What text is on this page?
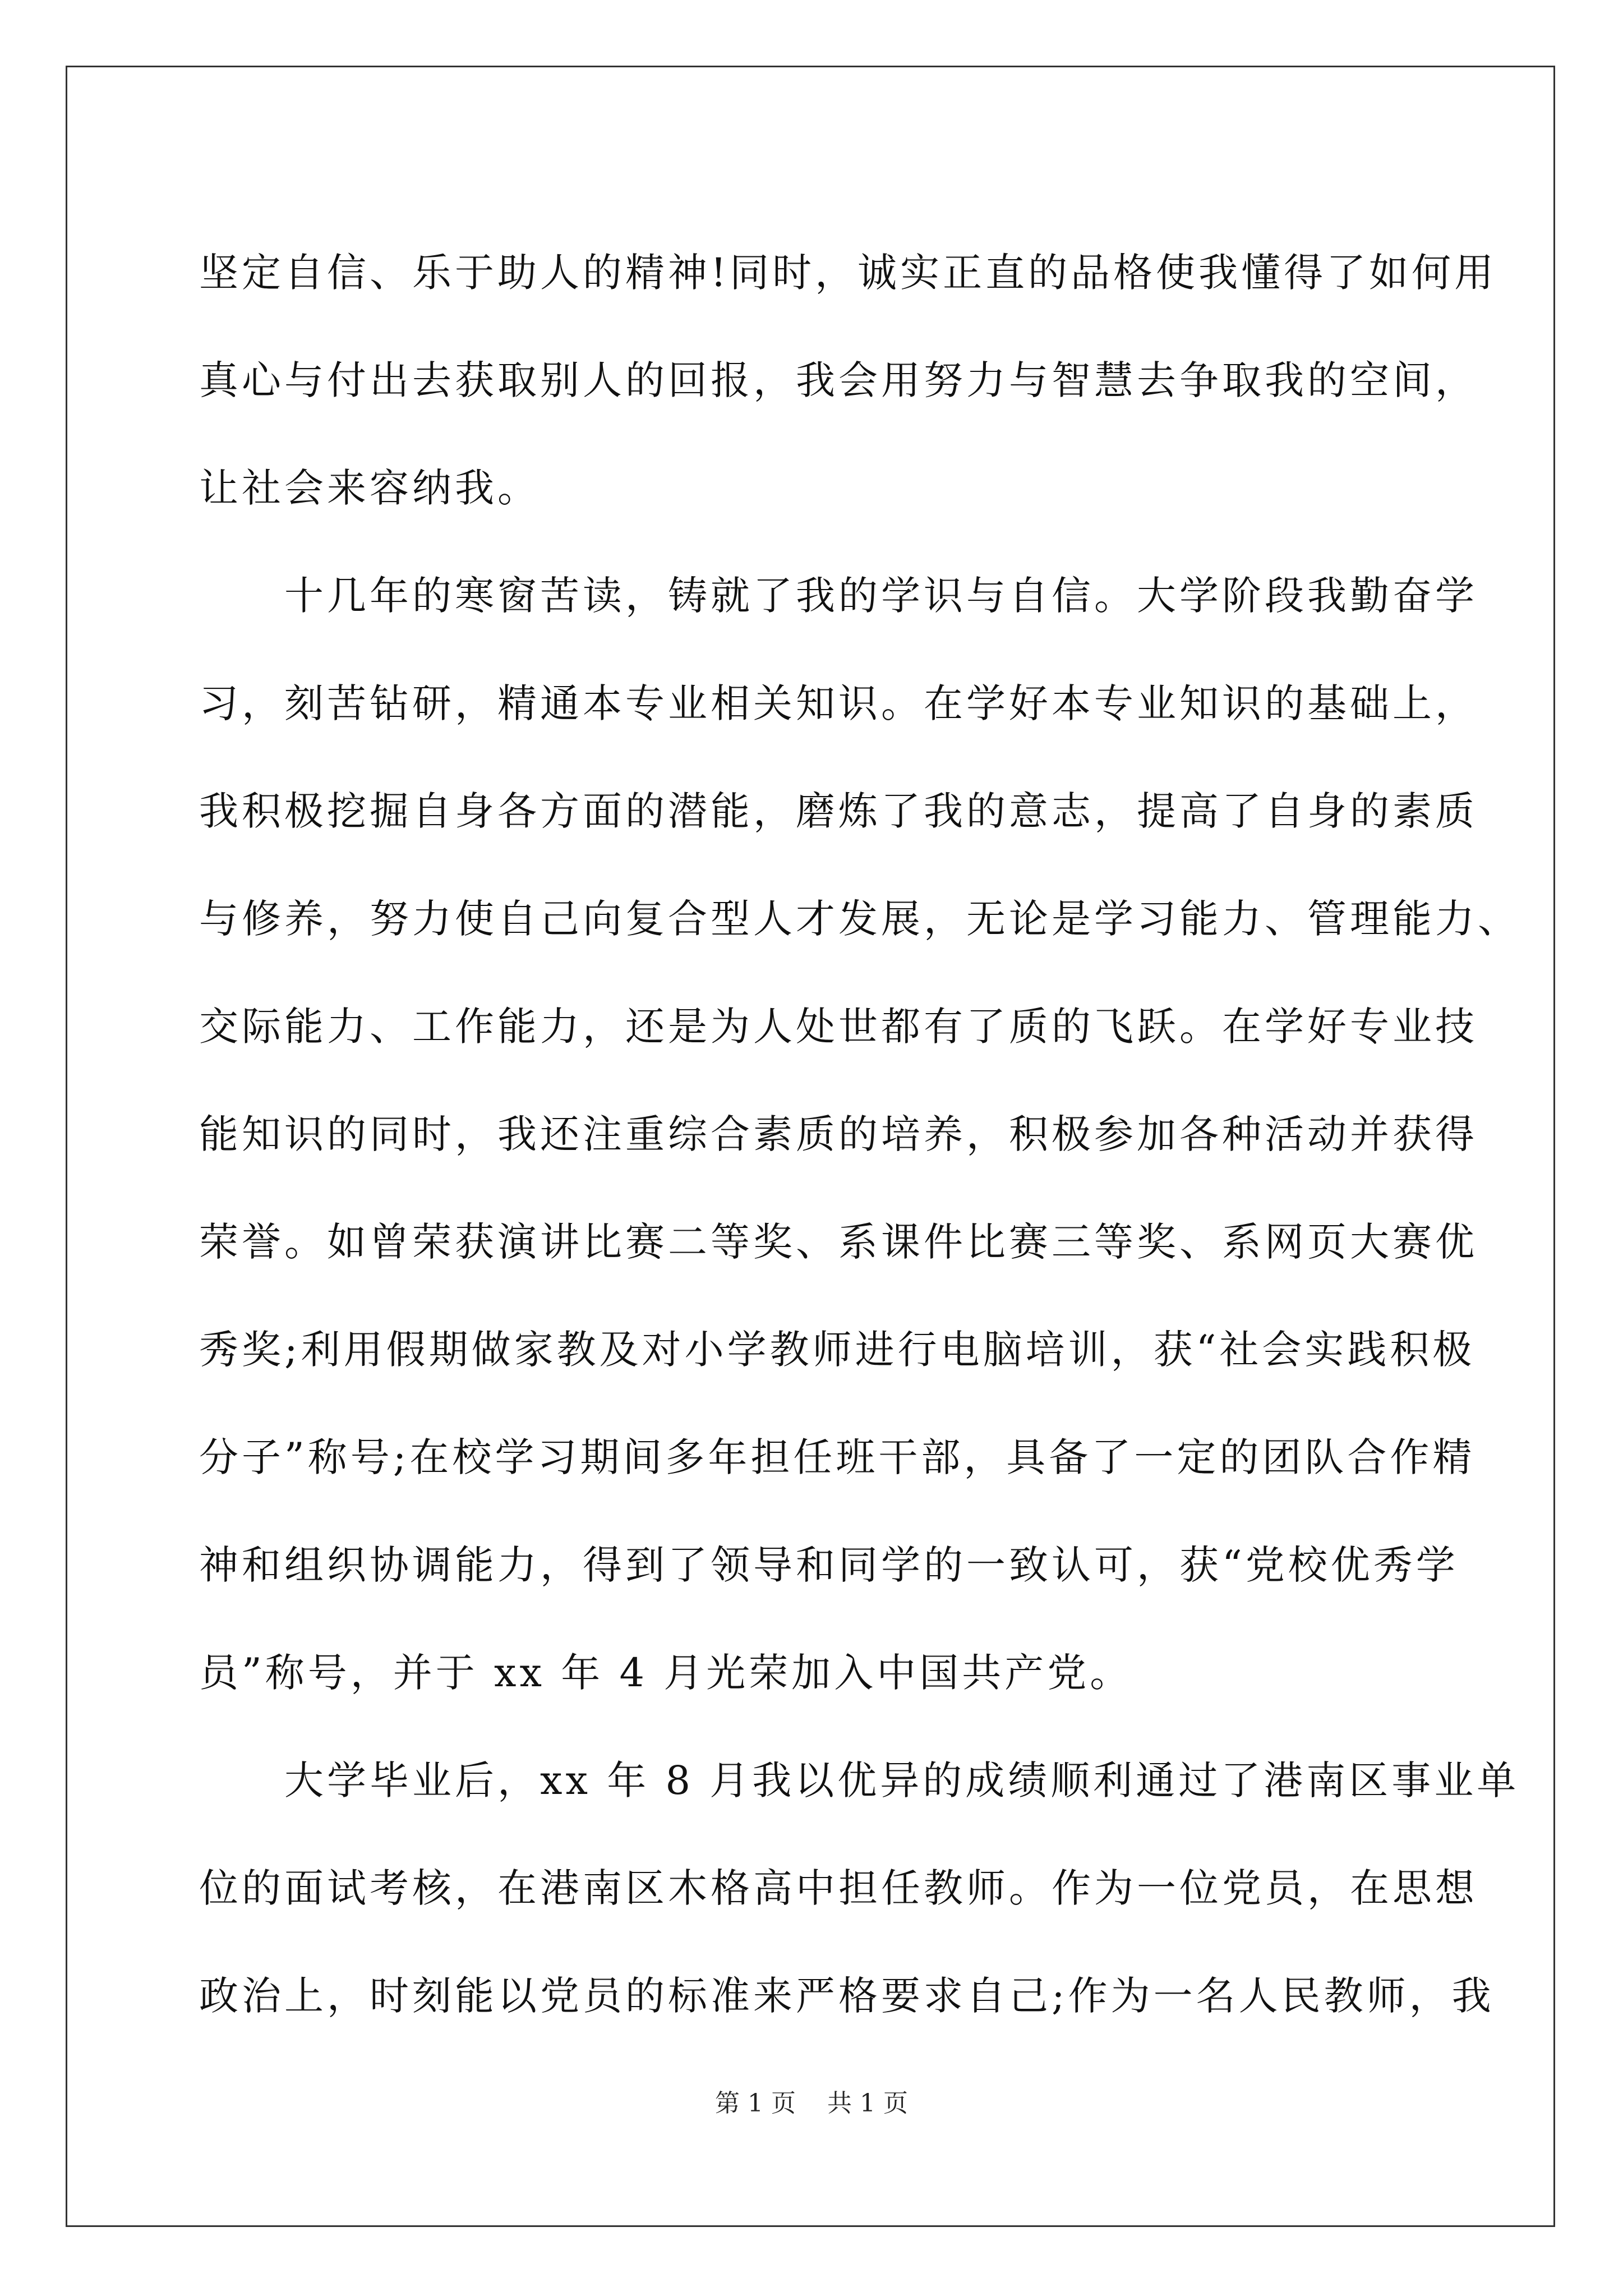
坚定自信、乐于助人的精神!同时，诚实正直的品格使我懂得了如何用
真心与付出去获取别人的回报，我会用努力与智慧去争取我的空间，
让社会来容纳我。
　　十几年的寒窗苦读，铸就了我的学识与自信。大学阶段我勤奋学
习，刻苦钻研，精通本专业相关知识。在学好本专业知识的基础上，
我积极挖掘自身各方面的潜能，磨炼了我的意志，提高了自身的素质
与修养，努力使自己向复合型人才发展，无论是学习能力、管理能力、
交际能力、工作能力，还是为人处世都有了质的飞跃。在学好专业技
能知识的同时，我还注重综合素质的培养，积极参加各种活动并获得
荣誉。如曾荣获演讲比赛二等奖、系课件比赛三等奖、系网页大赛优
秀奖;利用假期做家教及对小学教师进行电脑培训，获“社会实践积极
分子”称号;在校学习期间多年担任班干部，具备了一定的团队合作精
神和组织协调能力，得到了领导和同学的一致认可，获“党校优秀学
员”称号，并于 xx 年 4 月光荣加入中国共产党。
　　大学毕业后，xx 年 8 月我以优异的成绩顺利通过了港南区事业单
位的面试考核，在港南区木格高中担任教师。作为一位党员，在思想
政治上，时刻能以党员的标准来严格要求自己;作为一名人民教师，我
第 1 页 共 1 页
